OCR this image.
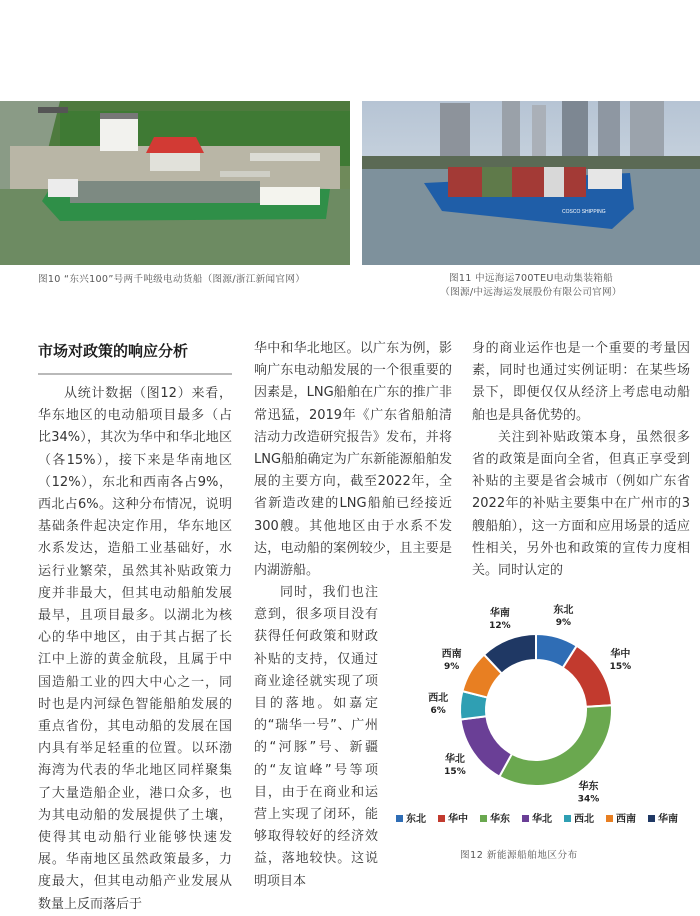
COSCO SHIPPING
图10 “东兴100”号两千吨级电动货船（图源/浙江新闻官网）	图11 中远海运700TEU电动集装箱船
（图源/中远海运发展股份有限公司官网）
市场对政策的响应分析

从统计数据（图12）来看，华东地区的电动船项目最多（占比34%），其次为华中和华北地区（各15%），接下来是华南地区（12%），东北和西南各占9%，西北占6%。这种分布情况，说明基础条件起决定作用，华东地区水系发达，造船工业基础好，水运行业繁荣，虽然其补贴政策力度并非最大，但其电动船舶发展最早，且项目最多。以湖北为核心的华中地区，由于其占据了长江中上游的黄金航段，且属于中国造船工业的四大中心之一，同时也是内河绿色智能船舶发展的重点省份，其电动船的发展在国内具有举足轻重的位置。以环渤海湾为代表的华北地区同样聚集了大量造船企业，港口众多，也为其电动船的发展提供了土壤，使得其电动船行业能够快速发展。华南地区虽然政策最多，力度最大，但其电动船产业发展从数量上反而落后于

华中和华北地区。以广东为例，影响广东电动船发展的一个很重要的因素是，LNG船舶在广东的推广非常迅猛，2019年《广东省船舶清洁动力改造研究报告》发布，并将LNG船舶确定为广东新能源船舶发展的主要方向，截至2022年，全省新造改建的LNG船舶已经接近300艘。其他地区由于水系不发达，电动船的案例较少，且主要是内湖游船。

同时，我们也注意到，很多项目没有获得任何政策和财政补贴的支持，仅通过商业途径就实现了项目的落地。如嘉定的“瑞华一号”、广州的“河豚”号、新疆的“友谊峰”号等项目，由于在商业和运营上实现了闭环，能够取得较好的经济效益，落地较快。这说明项目本

身的商业运作也是一个重要的考量因素，同时也通过实例证明：在某些场景下，即便仅仅从经济上考虑电动船舶也是具备优势的。

关注到补贴政策本身，虽然很多省的政策是面向全省，但真正享受到补贴的主要是省会城市（例如广东省2022年的补贴主要集中在广州市的3艘船舶），这一方面和应用场景的适应性相关，另外也和政策的宣传力度相关。同时认定的

东北 9%
华中 15%
华东 34%
华北 15%
西北 6%
西南 9%
华南 12%
东北 华中 华东 华北 西北 西南 华南
图12 新能源船舶地区分布
